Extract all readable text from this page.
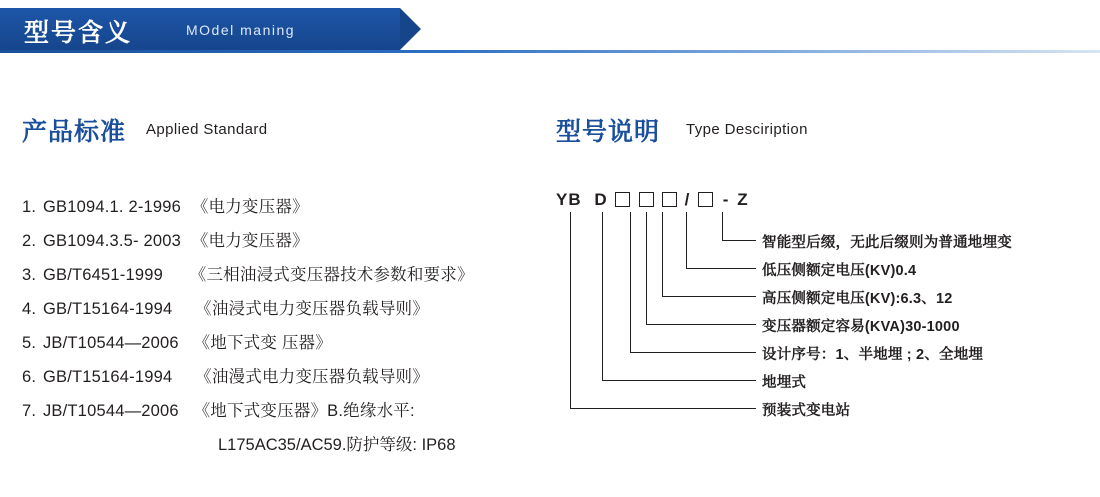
型号含义	MOdel maning
产品标准 Applied Standard	型号说明 Type Desciription
1. GB1094.1. 2-1996 《电力变压器》
2. GB1094.3.5- 2003 《电力变压器》
3. GB/T6451-1999 《三相油浸式变压器技术参数和要求》
4. GB/T15164-1994 《油浸式电力变压器负载导则》
5. JB/T10544—2006 《地下式变 压器》
6. GB/T15164-1994 《油漫式电力变压器负载导则》
7. JB/T10544—2006 《地下式变压器》B.绝缘水平:
L175AC35/AC59.防护等级: IP68
YB D	/ - Z
智能型后缀，无此后缀则为普通地埋变
低压侧额定电压(KV)0.4
高压侧额定电压(KV):6.3、12
变压器额定容易(KVA)30-1000
设计序号：1、半地埋 ; 2、全地埋
地埋式
预装式变电站
